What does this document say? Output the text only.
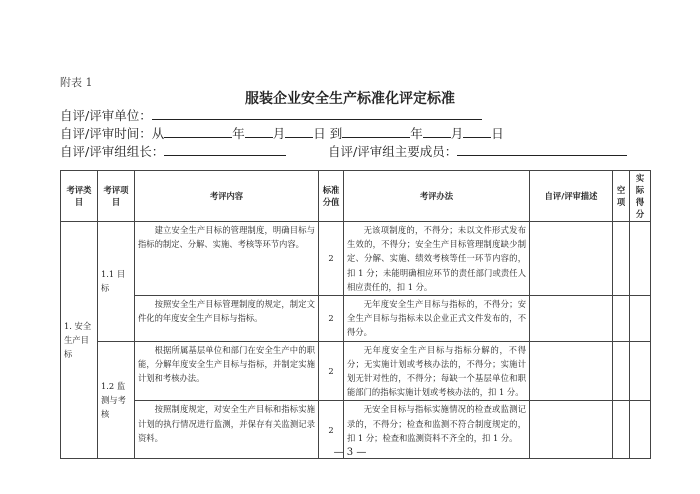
附表 1
服装企业安全生产标准化评定标准
自评/评审单位：
自评/评审时间：从	年 月 日 到	年 月 日
自评/评审组组长：	自评/评审组主要成员：
考评类目	考评项目	考评内容	标准分值	考评办法	自评/评审描述	空项	实际得分
1. 安全生产目标	1.1 目标	建立安全生产目标的管理制度，明确目标与指标的制定、分解、实施、考核等环节内容。	2	无该项制度的，不得分；未以文件形式发布生效的，不得分；安全生产目标管理制度缺少制定、分解、实施、绩效考核等任一环节内容的，扣 1 分；未能明确相应环节的责任部门或责任人相应责任的，扣 1 分。			
		按照安全生产目标管理制度的规定，制定文件化的年度安全生产目标与指标。	2	无年度安全生产目标与指标的，不得分；安全生产目标与指标未以企业正式文件发布的，不得分。			
	1.2 监测与考核	根据所属基层单位和部门在安全生产中的职能，分解年度安全生产目标与指标，并制定实施计划和考核办法。	2	无年度安全生产目标与指标分解的，不得分；无实施计划或考核办法的，不得分；实施计划无针对性的，不得分；每缺一个基层单位和职能部门的指标实施计划或考核办法的，扣 1 分。			
		按照制度规定，对安全生产目标和指标实施计划的执行情况进行监测，并保存有关监测记录资料。	2	无安全目标与指标实施情况的检查或监测记录的，不得分；检查和监测不符合制度规定的，扣 1 分；检查和监测资料不齐全的，扣 1 分。			
— 3 —
